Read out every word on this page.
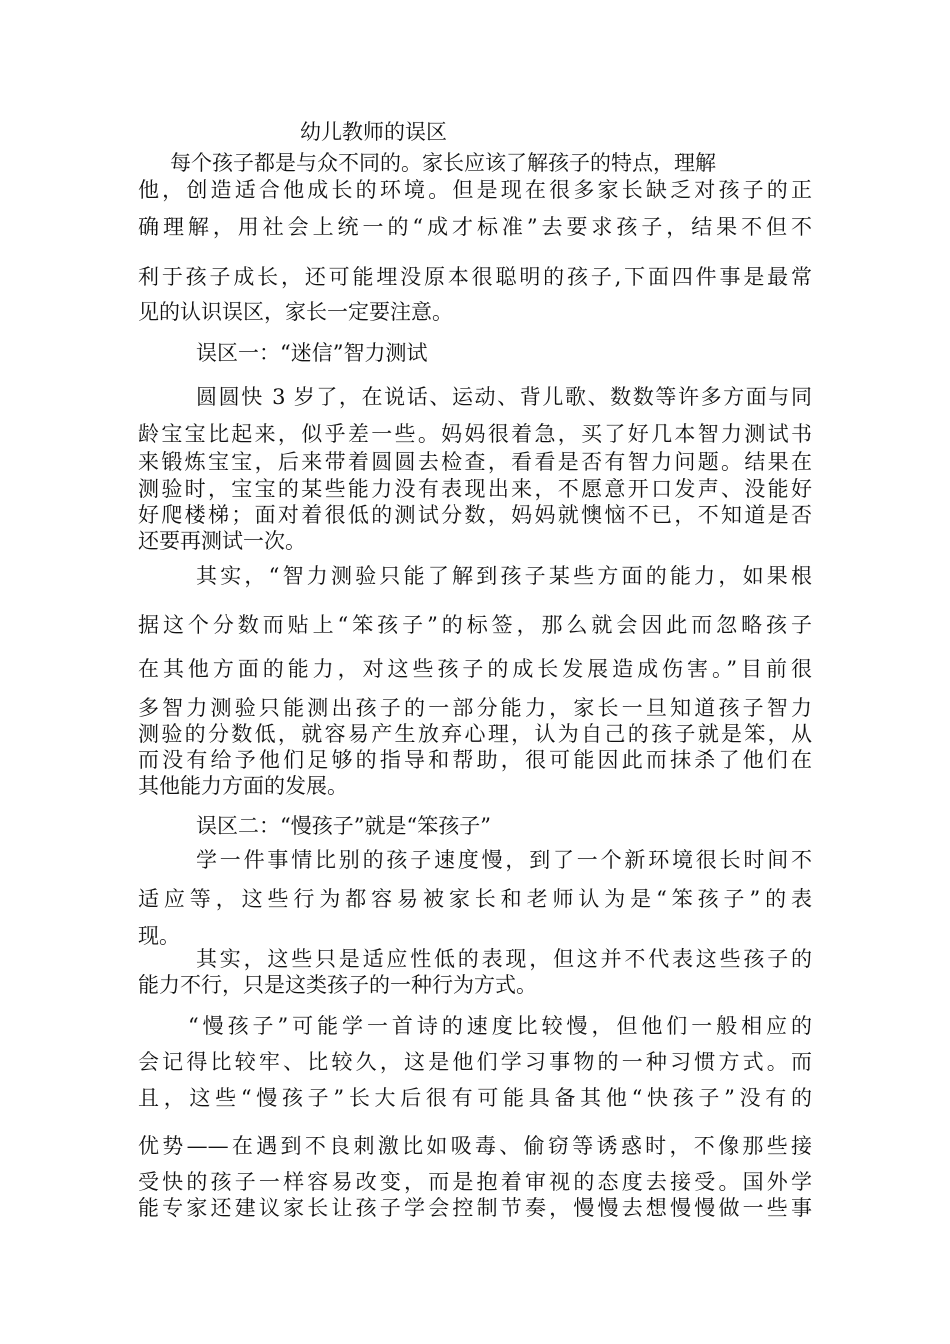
幼儿教师的误区
每个孩子都是与众不同的。家长应该了解孩子的特点，理解
他，创造适合他成长的环境。但是现在很多家长缺乏对孩子的正
确理解，用社会上统一的“成才标准”去要求孩子，结果不但不
利于孩子成长，还可能埋没原本很聪明的孩子,下面四件事是最常
见的认识误区，家长一定要注意。
误区一：“迷信”智力测试
圆圆快 3 岁了，在说话、运动、背儿歌、数数等许多方面与同
龄宝宝比起来，似乎差一些。妈妈很着急，买了好几本智力测试书
来锻炼宝宝，后来带着圆圆去检查，看看是否有智力问题。结果在
测验时，宝宝的某些能力没有表现出来，不愿意开口发声、没能好
好爬楼梯；面对着很低的测试分数，妈妈就懊恼不已，不知道是否
还要再测试一次。
其实，“智力测验只能了解到孩子某些方面的能力，如果根
据这个分数而贴上“笨孩子”的标签，那么就会因此而忽略孩子
在其他方面的能力，对这些孩子的成长发展造成伤害。”目前很
多智力测验只能测出孩子的一部分能力，家长一旦知道孩子智力
测验的分数低，就容易产生放弃心理，认为自己的孩子就是笨，从
而没有给予他们足够的指导和帮助，很可能因此而抹杀了他们在
其他能力方面的发展。
误区二：“慢孩子”就是“笨孩子”
学一件事情比别的孩子速度慢，到了一个新环境很长时间不
适应等，这些行为都容易被家长和老师认为是“笨孩子”的表
现。
其实，这些只是适应性低的表现，但这并不代表这些孩子的
能力不行，只是这类孩子的一种行为方式。
“慢孩子”可能学一首诗的速度比较慢，但他们一般相应的
会记得比较牢、比较久，这是他们学习事物的一种习惯方式。而
且，这些“慢孩子”长大后很有可能具备其他“快孩子”没有的
优势——在遇到不良刺激比如吸毒、偷窃等诱惑时，不像那些接
受快的孩子一样容易改变，而是抱着审视的态度去接受。国外学
能专家还建议家长让孩子学会控制节奏，慢慢去想慢慢做一些事
